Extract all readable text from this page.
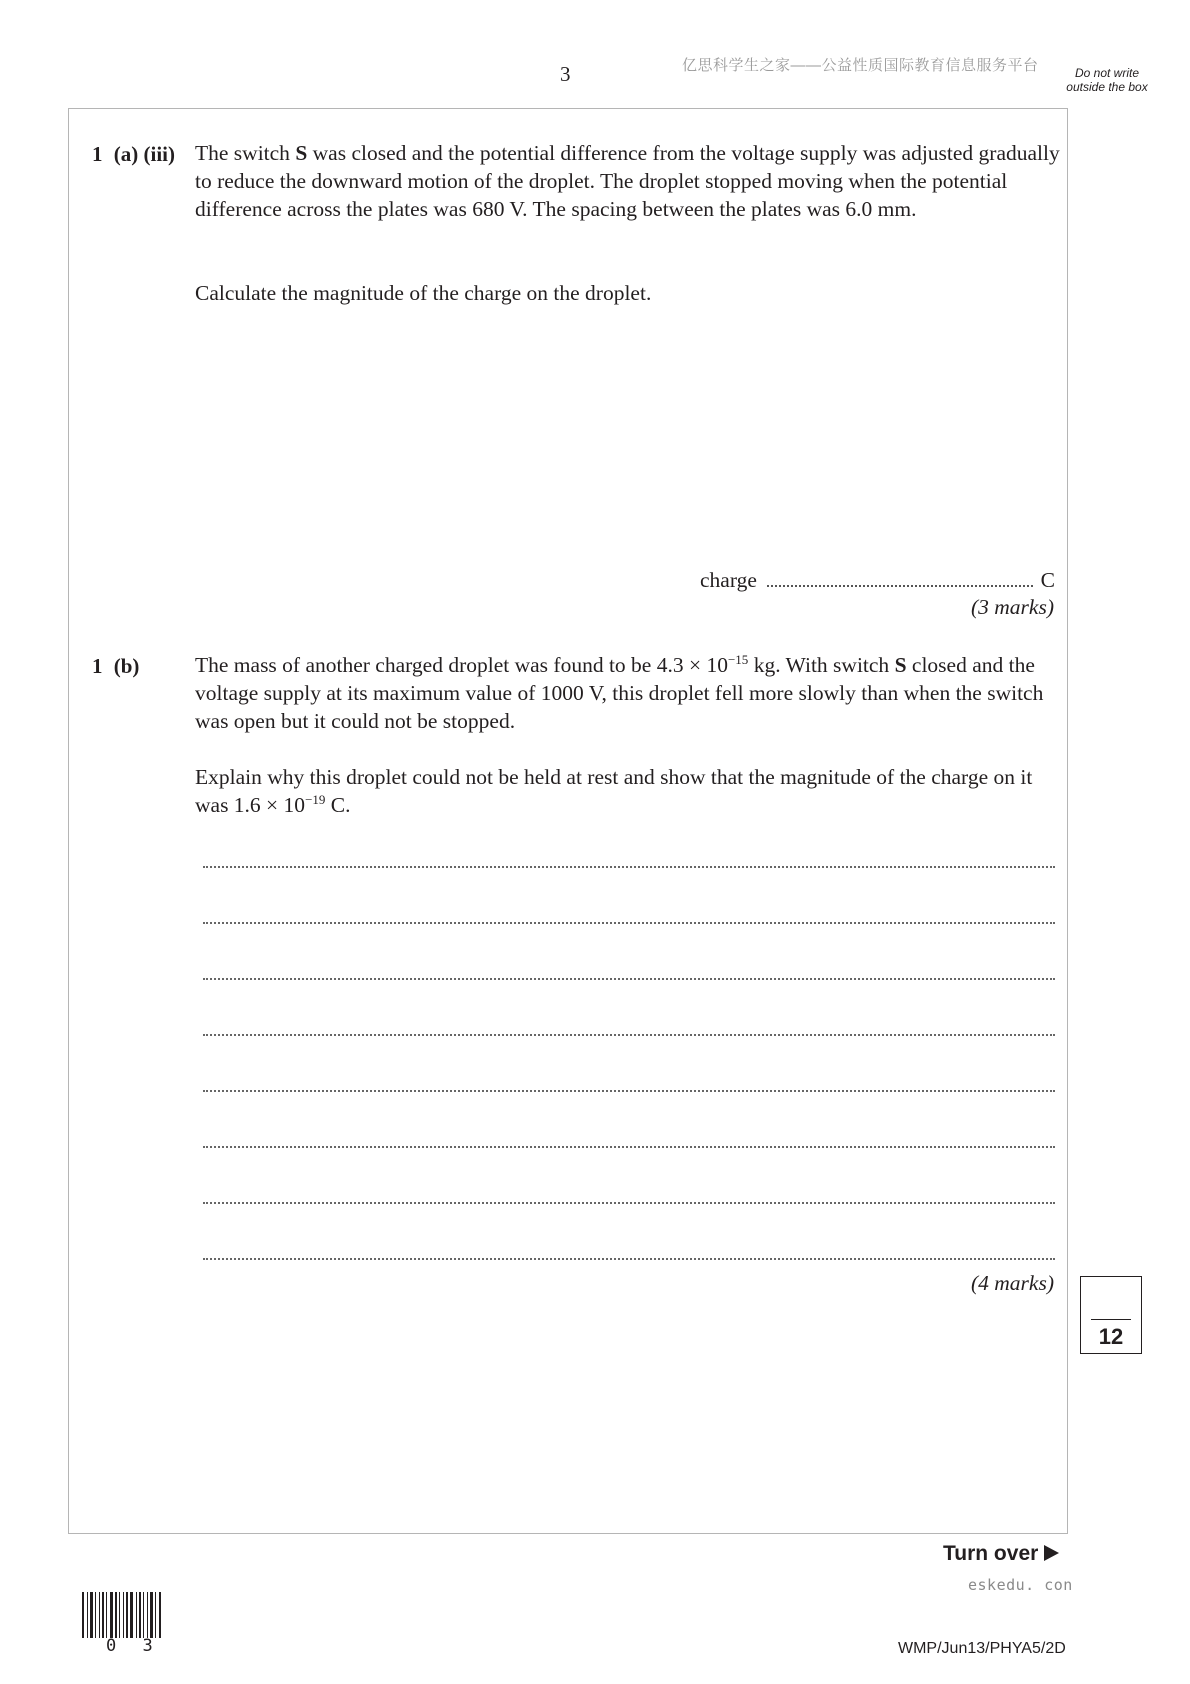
3	亿思科学生之家——公益性质国际教育信息服务平台	Do not write outside the box
1 (a) (iii) The switch S was closed and the potential difference from the voltage supply was adjusted gradually to reduce the downward motion of the droplet. The droplet stopped moving when the potential difference across the plates was 680 V. The spacing between the plates was 6.0 mm.
Calculate the magnitude of the charge on the droplet.
charge	C
(3 marks)
1 (b)	The mass of another charged droplet was found to be $4.3 \times 10^{-15}$ kg. With switch S closed and the voltage supply at its maximum value of 1000 V, this droplet fell more slowly than when the switch was open but it could not be stopped.
Explain why this droplet could not be held at rest and show that the magnitude of the charge on it was $1.6 \times 10^{-19}$ C.
(4 marks)
12
Turn over
eskedu. con
WMP/Jun13/PHYA5/2D
0 3
